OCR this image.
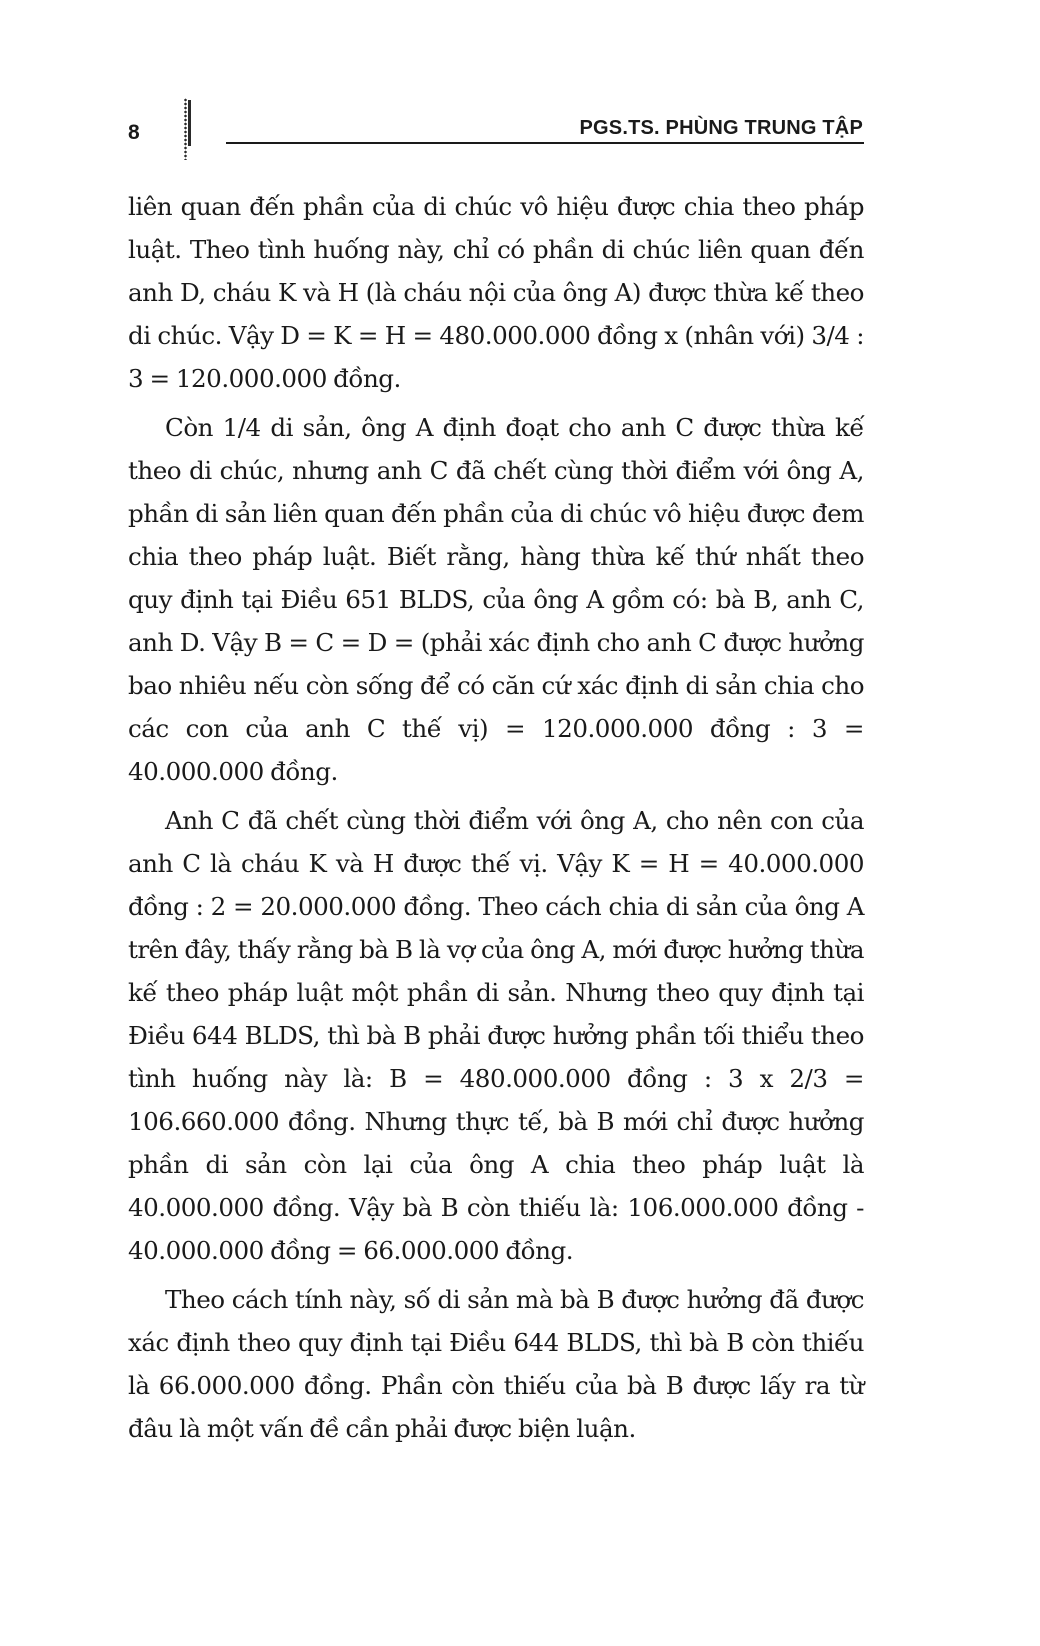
8	PGS.TS. PHÙNG TRUNG TẬP

liên quan đến phần của di chúc vô hiệu được chia theo pháp luật. Theo tình huống này, chỉ có phần di chúc liên quan đến anh D, cháu K và H (là cháu nội của ông A) được thừa kế theo di chúc. Vậy D = K = H = 480.000.000 đồng x (nhân với) 3/4 : 3 = 120.000.000 đồng.

Còn 1/4 di sản, ông A định đoạt cho anh C được thừa kế theo di chúc, nhưng anh C đã chết cùng thời điểm với ông A, phần di sản liên quan đến phần của di chúc vô hiệu được đem chia theo pháp luật. Biết rằng, hàng thừa kế thứ nhất theo quy định tại Điều 651 BLDS, của ông A gồm có: bà B, anh C, anh D. Vậy B = C = D = (phải xác định cho anh C được hưởng bao nhiêu nếu còn sống để có căn cứ xác định di sản chia cho các con của anh C thế vị) = 120.000.000 đồng : 3 = 40.000.000 đồng.

Anh C đã chết cùng thời điểm với ông A, cho nên con của anh C là cháu K và H được thế vị. Vậy K = H = 40.000.000 đồng : 2 = 20.000.000 đồng. Theo cách chia di sản của ông A trên đây, thấy rằng bà B là vợ của ông A, mới được hưởng thừa kế theo pháp luật một phần di sản. Nhưng theo quy định tại Điều 644 BLDS, thì bà B phải được hưởng phần tối thiểu theo tình huống này là: B = 480.000.000 đồng : 3 x 2/3 = 106.660.000 đồng. Nhưng thực tế, bà B mới chỉ được hưởng phần di sản còn lại của ông A chia theo pháp luật là 40.000.000 đồng. Vậy bà B còn thiếu là: 106.000.000 đồng - 40.000.000 đồng = 66.000.000 đồng.

Theo cách tính này, số di sản mà bà B được hưởng đã được xác định theo quy định tại Điều 644 BLDS, thì bà B còn thiếu là 66.000.000 đồng. Phần còn thiếu của bà B được lấy ra từ đâu là một vấn đề cần phải được biện luận.
